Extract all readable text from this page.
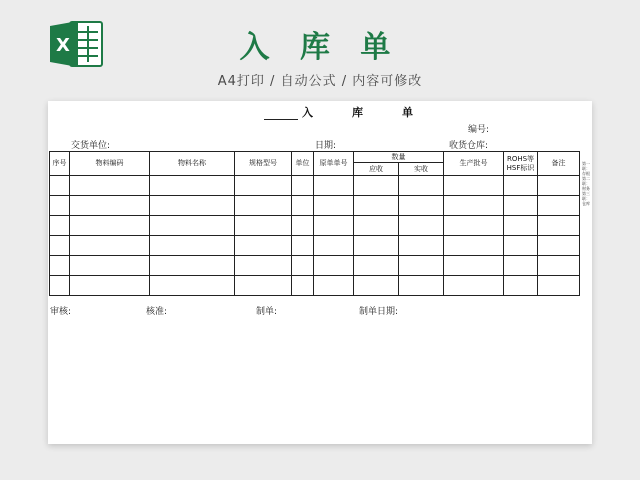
X	入 库 单
A4打印 / 自动公式 / 内容可修改
入　库　单
编号:
交货单位:	日期:	收货仓库:
序号	物料编码	物料名称	规格型号	单位	原单单号	数量		生产批号	ROHS等HSF标识	备注
						应收	实收			

第一联：存根 第二联：财务 第三联：仓库
审核:	核准:	制单:	制单日期:
